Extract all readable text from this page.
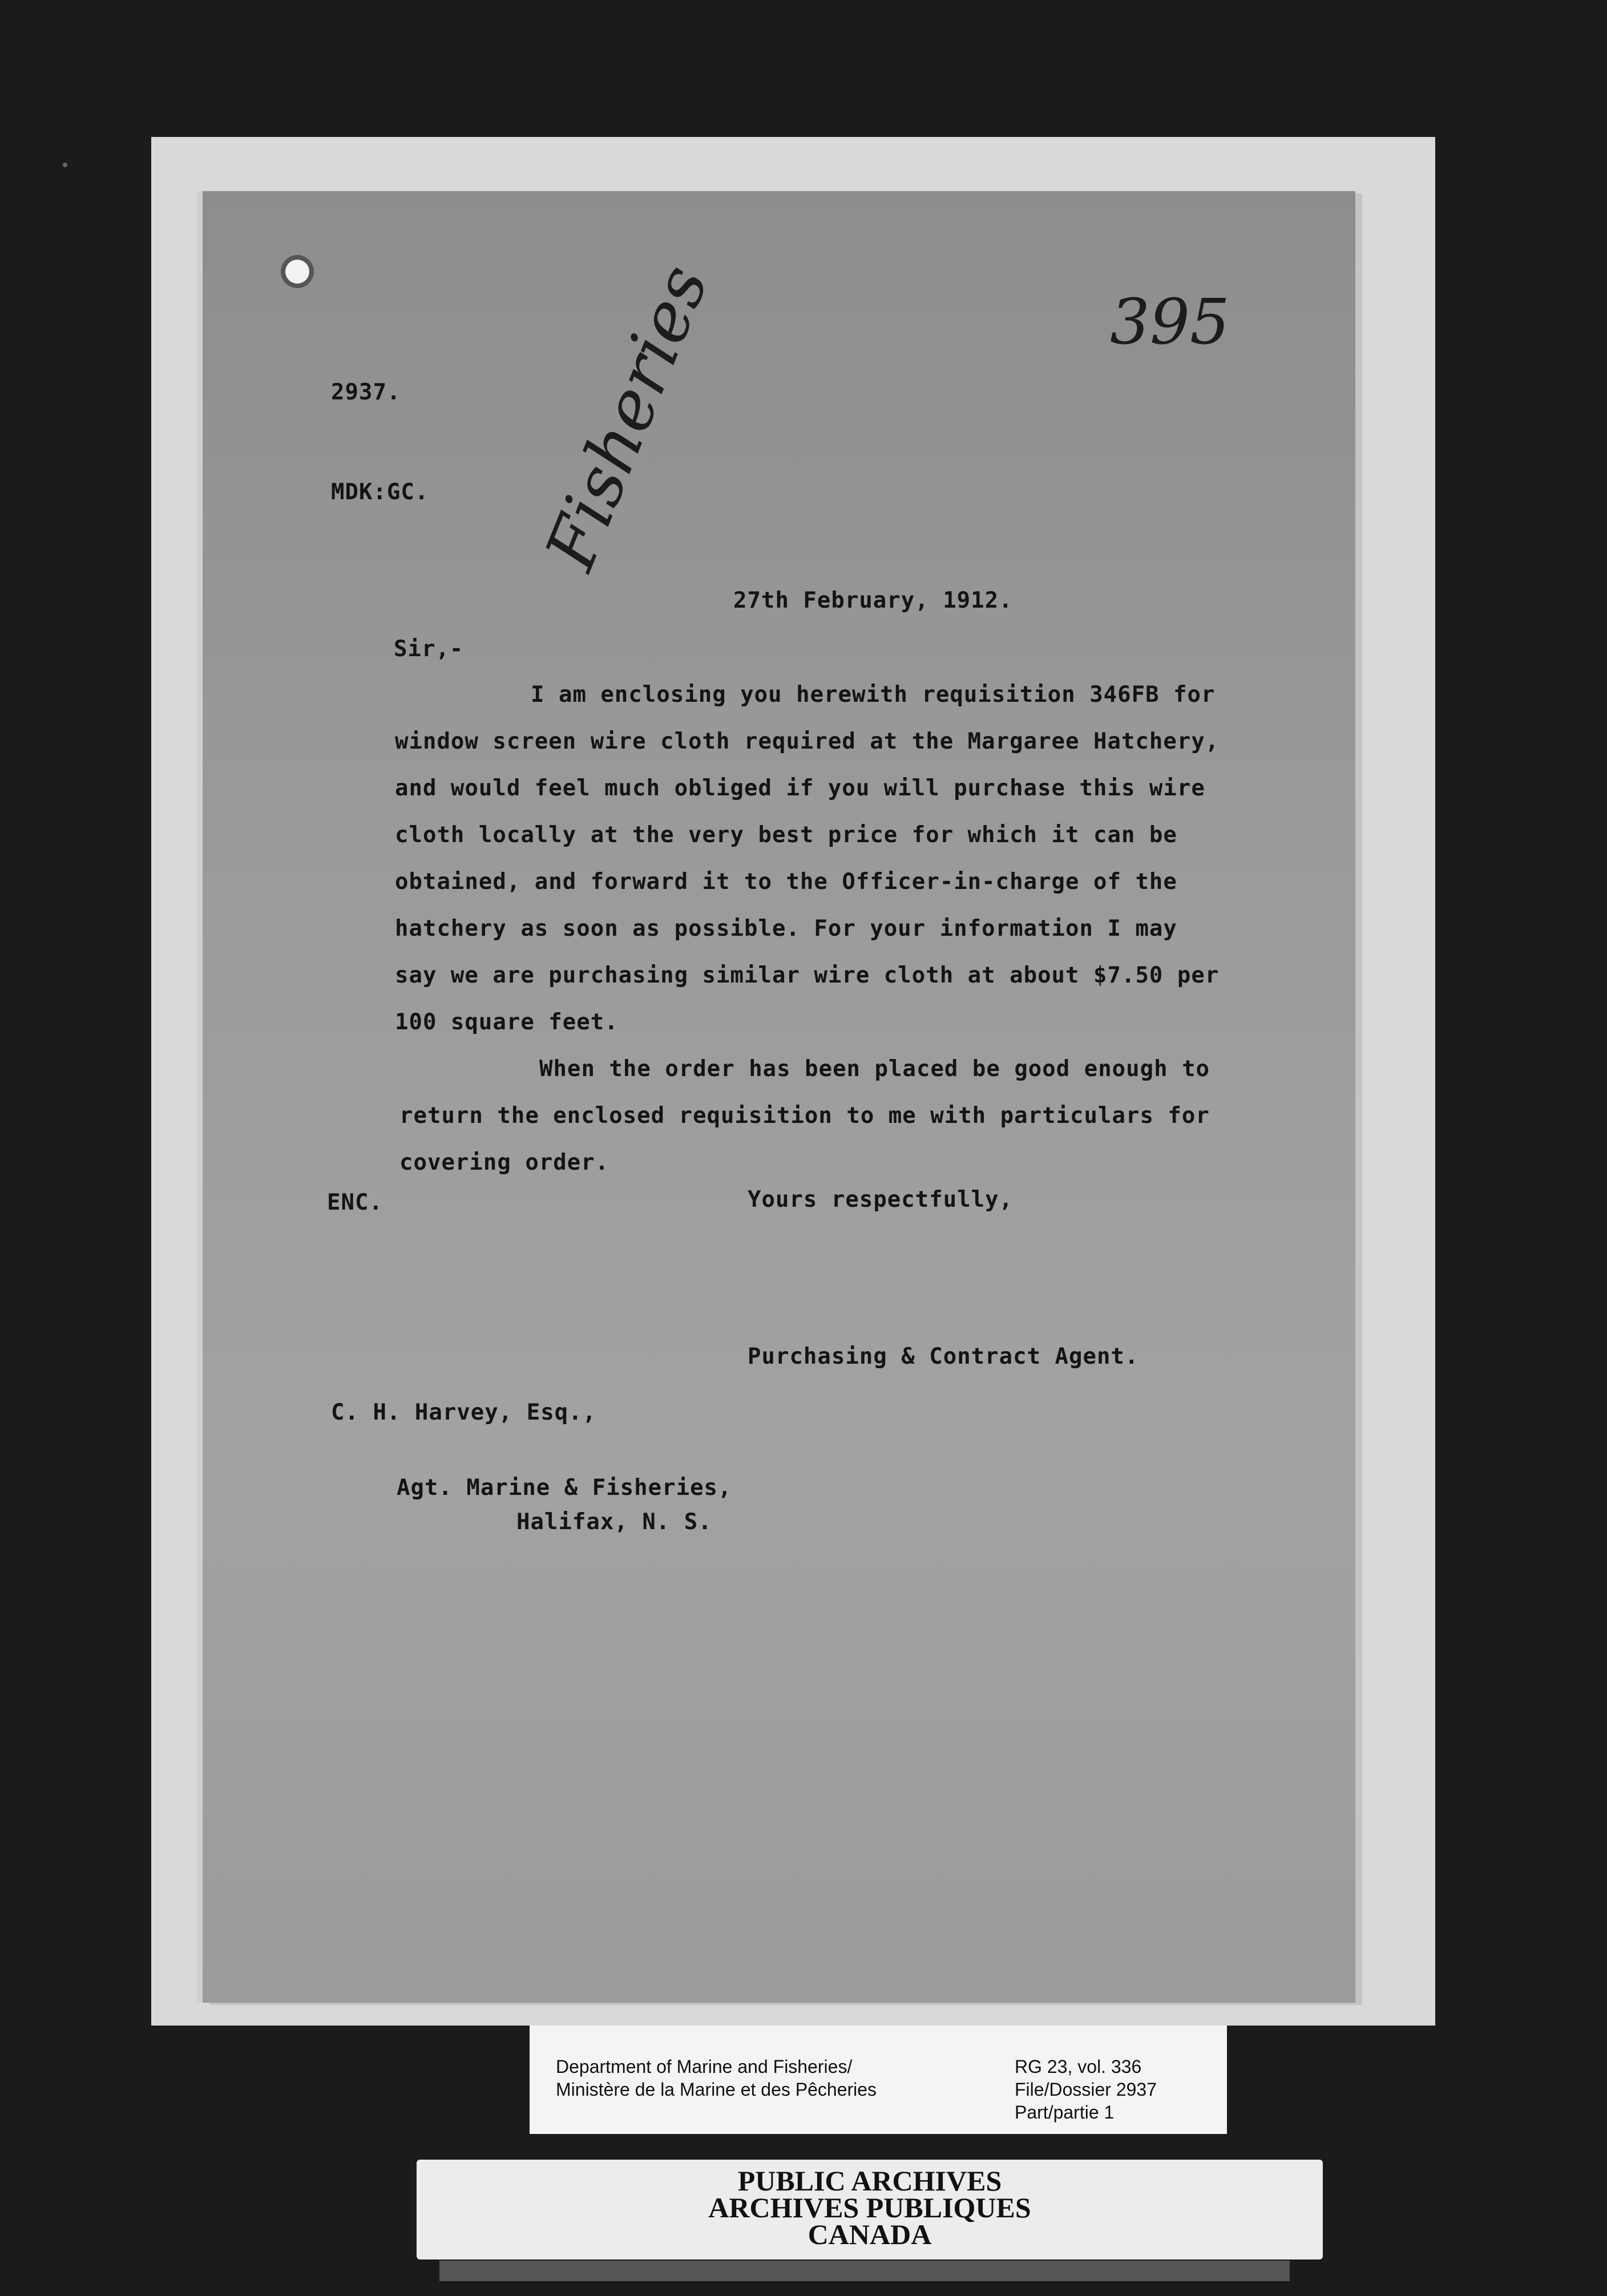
395
Fisheries
2937.
MDK:GC.
27th February, 1912.
Sir,-
I am enclosing you herewith requisition 346FB for
window screen wire cloth required at the Margaree Hatchery,
and would feel much obliged if you will purchase this wire
cloth locally at the very best price for which it can be
obtained, and forward it to the Officer-in-charge of the
hatchery as soon as possible. For your information I may
say we are purchasing similar wire cloth at about $7.50 per
100 square feet.
When the order has been placed be good enough to
return the enclosed requisition to me with particulars for
covering order.
Yours respectfully,
ENC.
Purchasing & Contract Agent.
C. H. Harvey, Esq.,
Agt. Marine & Fisheries,
Halifax, N. S.
Department of Marine and Fisheries/
Ministère de la Marine et des Pêcheries
RG 23, vol. 336
File/Dossier 2937
Part/partie 1
PUBLIC ARCHIVES
ARCHIVES PUBLIQUES
CANADA
